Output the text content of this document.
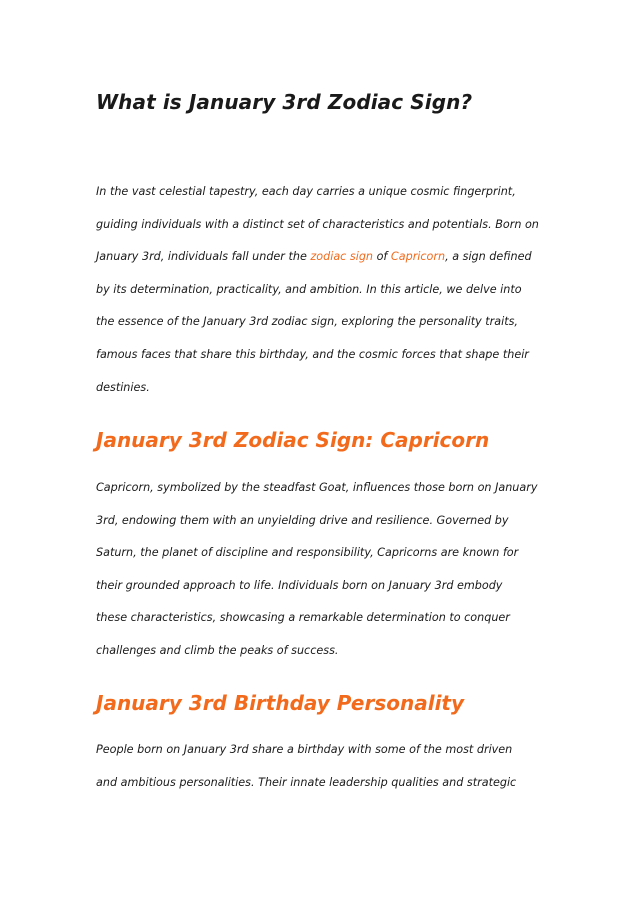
What is January 3rd Zodiac Sign?

In the vast celestial tapestry, each day carries a unique cosmic fingerprint,
guiding individuals with a distinct set of characteristics and potentials. Born on
January 3rd, individuals fall under the zodiac sign of Capricorn, a sign defined
by its determination, practicality, and ambition. In this article, we delve into
the essence of the January 3rd zodiac sign, exploring the personality traits,
famous faces that share this birthday, and the cosmic forces that shape their
destinies.

January 3rd Zodiac Sign: Capricorn

Capricorn, symbolized by the steadfast Goat, influences those born on January
3rd, endowing them with an unyielding drive and resilience. Governed by
Saturn, the planet of discipline and responsibility, Capricorns are known for
their grounded approach to life. Individuals born on January 3rd embody
these characteristics, showcasing a remarkable determination to conquer
challenges and climb the peaks of success.

January 3rd Birthday Personality

People born on January 3rd share a birthday with some of the most driven
and ambitious personalities. Their innate leadership qualities and strategic
